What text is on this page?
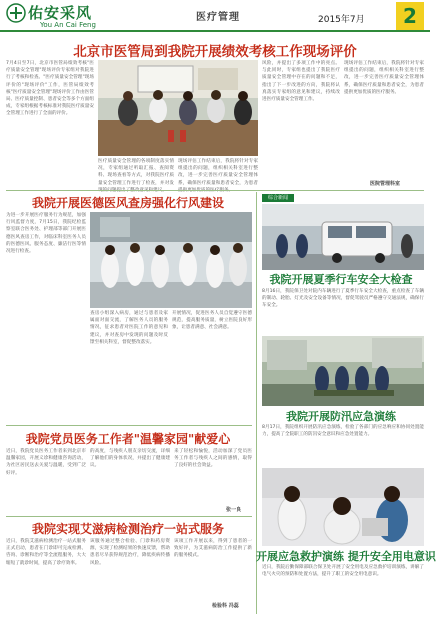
佑安采风
You An Cai Feng
医疗管理	2015年7月	2
北京市医管局到我院开展绩效考核工作现场评价
7月4日至7日，北京市医管局绩效考核"医疗质量安全管理"现场评价专家组对我院进行了考核和检查。"医疗质量安全管理"现场评价的"现场评价"工作，医管局绩效考核"医疗质量安全管理"现场评价工作由医管局、医疗质量控制、患者安全等多个方面组成，专家组根据考核标准对我院医疗质量安全管理工作进行了全面的评价。
医疗质量安全管理的各项制度落实情况，专家组通过听取汇报、查阅资料、现场查看等方式，对我院医疗质量安全管理工作进行了检查，并对发
现场评估工作结束后，我院将针对专家组提出的问题，组织相关科室进行整改，进一步完善医疗质量安全管理体系，确保医疗质量和患者安全，为患者
风险，并提出了多项工作中的亮点。与此同时，专家组也提出了我院医疗质量安全管理中存在的问题和不足，指出了下一步改进的方向，我院将认真落实专家组的意见和建议，持续改进医疗质量安全管理工作。
现场评估工作结束后，我院将针对专家组提出的问题，组织相关科室进行整改，进一步完善医疗质量安全管理体系，确保医疗质量和患者安全，为患者提供更加优质的医疗服务。
医院管理科室
我院开展医德医风查房强化行风建设
为进一步开展医疗服务行为规范，加强行风监督力度，7月15日，我院纪检监察室联合医务处、护理部等部门开展医德医风查房工作，对临床科室医务人员的医德医风、服务态度、廉洁行医等情况进行检查。
查房小组深入病房，通过与患者及家属面对面交流，了解医务人员的服务情况，征求患者对医院工作的意见和建议，并对查房中发现的问题及时反馈至相关科室，督促整改落实。
开展情况，促进医务人员自觉遵守医德规范，提高服务质量，树立医院良好形象，让患者满意、社会满意。
我院党员医务工作者"温馨家园"献爱心
近日，我院党员医务工作者来到北京市温馨家园，开展义诊和健康咨询活动，为社区居民送去关爱与温暖，受到广泛好评。
的高度，与残疾人朋友亲切交流，详细了解他们的身体状况，并提出了健康建议。
来了轻松和愉悦，活动加深了党员医务工作者与残疾人之间的感情，取得了良好的社会效益。
张一良
我院实现艾滋病检测治疗一站式服务
近日，我院艾滋病检测治疗一站式服务正式启动，患者在门诊即可完成检测、咨询、诊断和治疗等全流程服务，大大缩短了就诊时间，提高了诊疗效率。
该服务通过整合检验、门诊和药房资源，实现了检测结果的快速反馈，帮助患者尽早获得规范治疗，降低疾病传播风险。
该项工作开展以来，得到了患者的一致好评，为艾滋病防治工作提供了新的服务模式。
检验科 冯蕊
综合新闻
我院开展夏季行车安全大检查
8月16日，我院保卫处对院内车辆进行了夏季行车安全大检查，重点检查了车辆的制动、轮胎、灯光及安全设备等情况，督促驾驶员严格遵守交通法规，确保行车安全。
我院开展防汛应急演练
8月17日，我院组织开展防汛应急演练，检验了各部门的应急响应和协同处置能力，提高了全院职工的防汛安全意识和应急处置能力。
开展应急救护演练 提升安全用电意识
近日，我院后勤保障部联合保卫处开展了安全用电及应急救护培训演练，讲解了电气火灾的预防和处置方法，提升了职工的安全用电意识。
